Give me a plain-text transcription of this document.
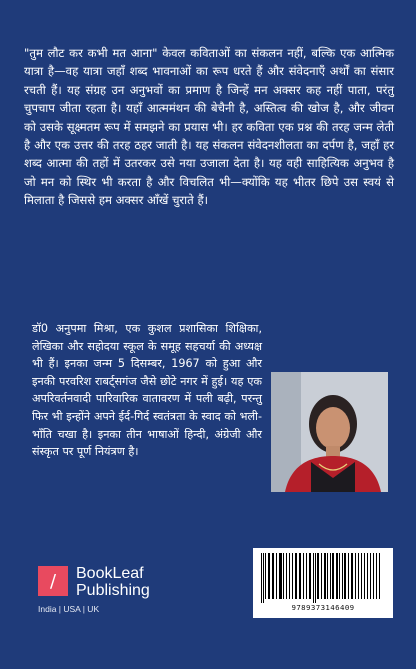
"तुम लौट कर कभी मत आना" केवल कविताओं का संकलन नहीं, बल्कि एक आत्मिक यात्रा है—वह यात्रा जहाँ शब्द भावनाओं का रूप धरते हैं और संवेदनाएँ अर्थों का संसार रचती हैं। यह संग्रह उन अनुभवों का प्रमाण है जिन्हें मन अक्सर कह नहीं पाता, परंतु चुपचाप जीता रहता है। यहाँ आत्ममंथन की बेचैनी है, अस्तित्व की खोज है, और जीवन को उसके सूक्ष्मतम रूप में समझने का प्रयास भी। हर कविता एक प्रश्न की तरह जन्म लेती है और एक उत्तर की तरह ठहर जाती है। यह संकलन संवेदनशीलता का दर्पण है, जहाँ हर शब्द आत्मा की तहों में उतरकर उसे नया उजाला देता है। यह वही साहित्यिक अनुभव है जो मन को स्थिर भी करता है और विचलित भी—क्योंकि यह भीतर छिपे उस स्वयं से मिलाता है जिससे हम अक्सर आँखें चुराते हैं।

डॉ0 अनुपमा मिश्रा, एक कुशल प्रशासिका शिक्षिका, लेखिका और सहोदया स्कूल के समूह सहचर्या की अध्यक्ष भी हैं। इनका जन्म 5 दिसम्बर, 1967 को हुआ और इनकी परवरिश राबर्ट्सगंज जैसे छोटे नगर में हुई। यह एक अपरिवर्तनवादी पारिवारिक वातावरण में पली बढ़ी, परन्तु फिर भी इन्होंने अपने ईर्द-गिर्द स्वतंत्रता के स्वाद को भली-भाँति चखा है। इनका तीन भाषाओं हिन्दी, अंग्रेजी और संस्कृत पर पूर्ण नियंत्रण है।

/ BookLeaf
Publishing
India | USA | UK	9789373146409
